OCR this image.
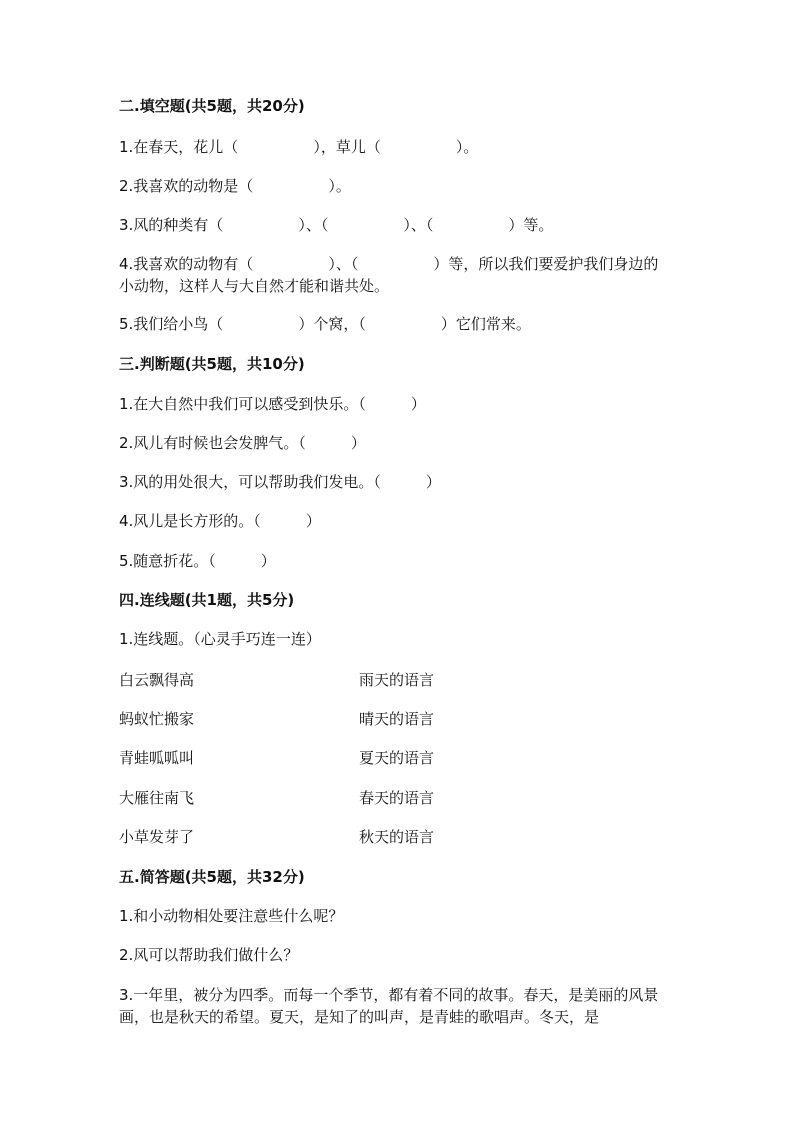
二.填空题(共5题，共20分)
1.在春天，花儿（　　　　　），草儿（　　　　　）。
2.我喜欢的动物是（　　　　　）。
3.风的种类有（　　　　　）、（　　　　　）、（　　　　　）等。
4.我喜欢的动物有（　　　　　）、（　　　　　）等，所以我们要爱护我们身边的小动物，这样人与大自然才能和谐共处。
5.我们给小鸟（　　　　　）个窝，（　　　　　）它们常来。
三.判断题(共5题，共10分)
1.在大自然中我们可以感受到快乐。（　　　）
2.风儿有时候也会发脾气。（　　　）
3.风的用处很大，可以帮助我们发电。（　　　）
4.风儿是长方形的。（　　　）
5.随意折花。（　　　）
四.连线题(共1题，共5分)
1.连线题。（心灵手巧连一连）
白云飘得高	雨天的语言
蚂蚁忙搬家	晴天的语言
青蛙呱呱叫	夏天的语言
大雁往南飞	春天的语言
小草发芽了	秋天的语言
五.简答题(共5题，共32分)
1.和小动物相处要注意些什么呢？
2.风可以帮助我们做什么？
3.一年里，被分为四季。而每一个季节，都有着不同的故事。春天，是美丽的风景画，也是秋天的希望。夏天，是知了的叫声，是青蛙的歌唱声。冬天，是
